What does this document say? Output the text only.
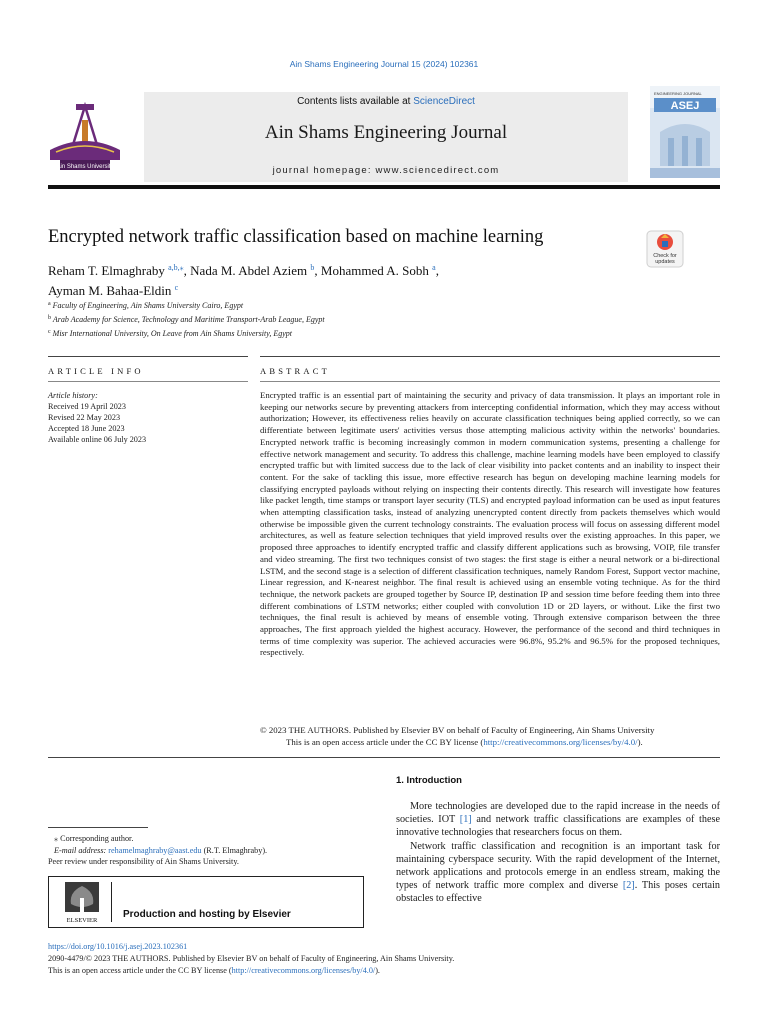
Ain Shams Engineering Journal 15 (2024) 102361
Ain Shams University
Contents lists available at ScienceDirect
Ain Shams Engineering Journal
journal homepage: www.sciencedirect.com
ENGINEERING JOURNAL
ASEJ
Encrypted network traffic classification based on machine learning
Check for updates
Reham T. Elmaghraby $^{a,b,⁎}$, Nada M. Abdel Aziem $^b$, Mohammed A. Sobh $^a$,
Ayman M. Bahaa-Eldin $^c$
$^a$ Faculty of Engineering, Ain Shams University Cairo, Egypt
$^b$ Arab Academy for Science, Technology and Maritime Transport-Arab League, Egypt
$^c$ Misr International University, On Leave from Ain Shams University, Egypt
ARTICLE INFO	ABSTRACT
Article history:
Received 19 April 2023
Revised 22 May 2023
Accepted 18 June 2023
Available online 06 July 2023
Encrypted traffic is an essential part of maintaining the security and privacy of data transmission. It plays an important role in keeping our networks secure by preventing attackers from intercepting confidential information, which they may access without authorization; However, its effectiveness relies heavily on accurate classification techniques being applied correctly, so we can differentiate between legitimate users' activities versus those attempting malicious activity within the networks' boundaries. Encrypted network traffic is becoming increasingly common in modern communication systems, presenting a challenge for effective network management and security. To address this challenge, machine learning models have been employed to classify encrypted traffic but with limited success due to the lack of clear visibility into packet contents and an inability to inspect their content. For the sake of tackling this issue, more effective research has begun on developing machine learning models for classifying encrypted payloads without relying on inspecting their contents directly. This research will investigate how features like packet length, time stamps or transport layer security (TLS) and encrypted payload information can be used as input features when attempting classification tasks, instead of analyzing unencrypted content directly from packets themselves which would otherwise be impossible given the current technology constraints. The evaluation process will focus on assessing different model architectures, as well as feature selection techniques that yield improved results over the existing approaches. In this paper, we proposed three approaches to identify encrypted traffic and classify different applications such as browsing, VOIP, file transfer and video streaming. The first two techniques consist of two stages: the first stage is either a neural network or a bi-directional LSTM, and the second stage is a selection of different classification techniques, namely Random Forest, Support vector machine, Linear regression, and K-nearest neighbor. The final result is achieved using an ensemble voting technique. As for the third technique, the network packets are grouped together by Source IP, destination IP and session time before feeding them into three different combinations of LSTM networks; either coupled with convolution 1D or 2D layers, or without. Like the first two techniques, the final result is achieved by means of ensemble voting. Through extensive comparison between the three approaches, The first approach yielded the highest accuracy. However, the performance of the second and third techniques in terms of time complexity was superior. The achieved accuracies were 96.8%, 95.2% and 96.5% for the proposed techniques, respectively.
© 2023 THE AUTHORS. Published by Elsevier BV on behalf of Faculty of Engineering, Ain Shams University
This is an open access article under the CC BY license (http://creativecommons.org/licenses/by/4.0/).
1. Introduction

More technologies are developed due to the rapid increase in the needs of societies. IOT [1] and network traffic classifications are examples of these innovative technologies that researchers focus on them.

Network traffic classification and recognition is an important task for maintaining cyberspace security. With the rapid development of the Internet, network applications and protocols emerge in an endless stream, making the types of network traffic more complex and diverse [2]. This poses certain obstacles to effective

⁎ Corresponding author.
E-mail address: rehamelmaghraby@aast.edu (R.T. Elmaghraby).
Peer review under responsibility of Ain Shams University.
ELSEVIER
Production and hosting by Elsevier
https://doi.org/10.1016/j.asej.2023.102361
2090-4479/© 2023 THE AUTHORS. Published by Elsevier BV on behalf of Faculty of Engineering, Ain Shams University.
This is an open access article under the CC BY license (http://creativecommons.org/licenses/by/4.0/).
